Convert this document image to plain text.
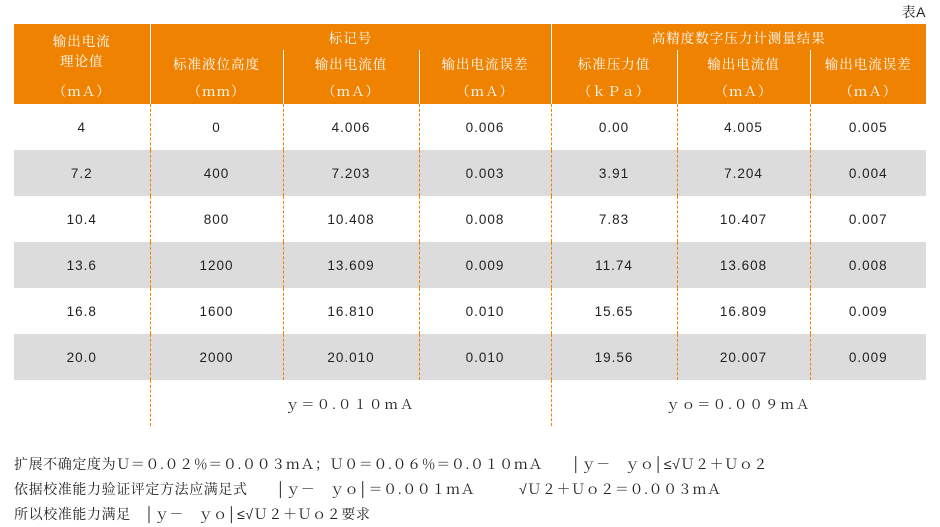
表A
输出电流
理论值	标记号			高精度数字压力计测量结果		
	标准液位高度	输出电流值	输出电流误差	标准压力值	输出电流值	输出电流误差
（ｍＡ）	（ｍｍ）	（ｍＡ）	（ｍＡ）	（ｋＰａ）	（ｍＡ）	（ｍＡ）
4	0	4.006	0.006	0.00	4.005	0.005
7.2	400	7.203	0.003	3.91	7.204	0.004
10.4	800	10.408	0.008	7.83	10.407	0.007
13.6	1200	13.609	0.009	11.74	13.608	0.008
16.8	1600	16.810	0.010	15.65	16.809	0.009
20.0	2000	20.010	0.010	19.56	20.007	0.009
	ｙ＝０.０１０ｍＡ			ｙｏ＝０.００９ｍＡ		
扩展不确定度为Ｕ＝０.０２％＝０.００３ｍＡ；Ｕ０＝０.０６％＝０.０１０ｍＡ　　│ｙ－　ｙｏ│≤√Ｕ２＋Ｕｏ２
依据校准能力验证评定方法应满足式　　│ｙ－　ｙｏ│＝０.００１ｍＡ　　　√Ｕ２＋Ｕｏ２＝０.００３ｍＡ
所以校准能力满足　│ｙ－　ｙｏ│≤√Ｕ２＋Ｕｏ２要求
